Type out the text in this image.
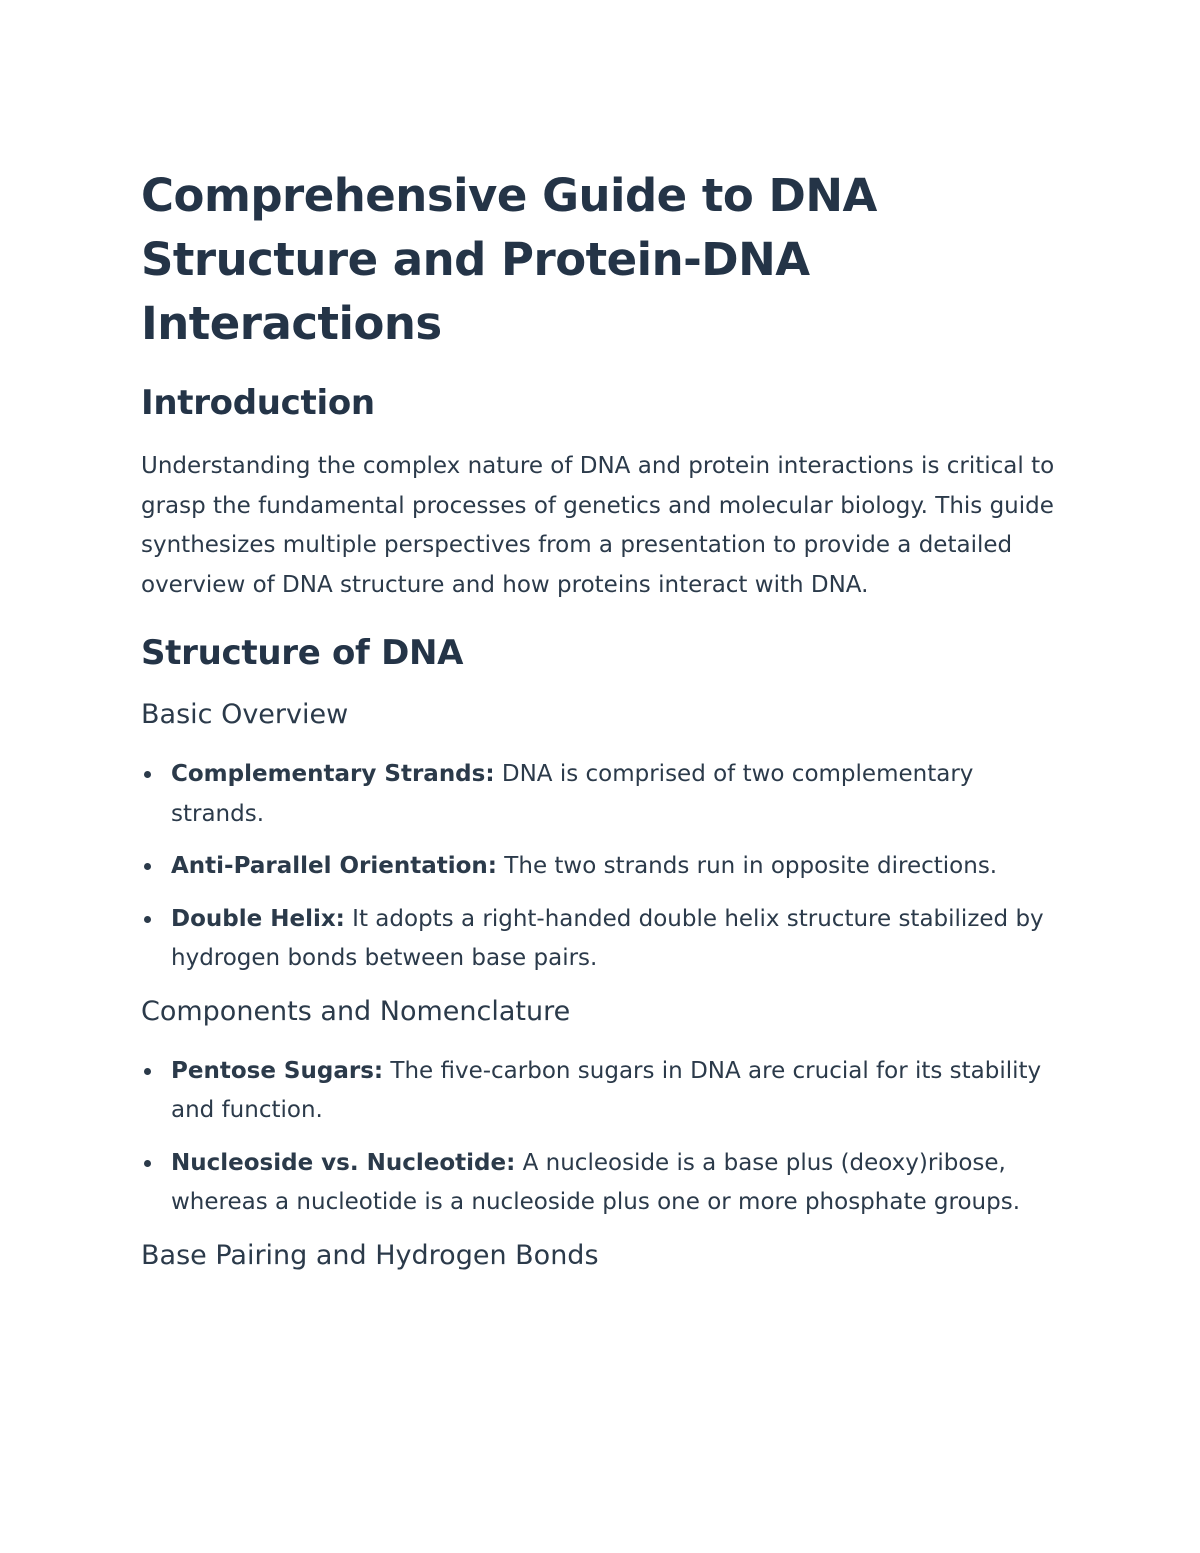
Comprehensive Guide to DNA Structure and Protein-DNA Interactions
Introduction

Understanding the complex nature of DNA and protein interactions is critical to grasp the fundamental processes of genetics and molecular biology. This guide synthesizes multiple perspectives from a presentation to provide a detailed overview of DNA structure and how proteins interact with DNA.

Structure of DNA
Basic Overview
Complementary Strands: DNA is comprised of two complementary strands.
Anti-Parallel Orientation: The two strands run in opposite directions.
Double Helix: It adopts a right-handed double helix structure stabilized by hydrogen bonds between base pairs.
Components and Nomenclature
Pentose Sugars: The five-carbon sugars in DNA are crucial for its stability and function.
Nucleoside vs. Nucleotide: A nucleoside is a base plus (deoxy)ribose, whereas a nucleotide is a nucleoside plus one or more phosphate groups.
Base Pairing and Hydrogen Bonds
